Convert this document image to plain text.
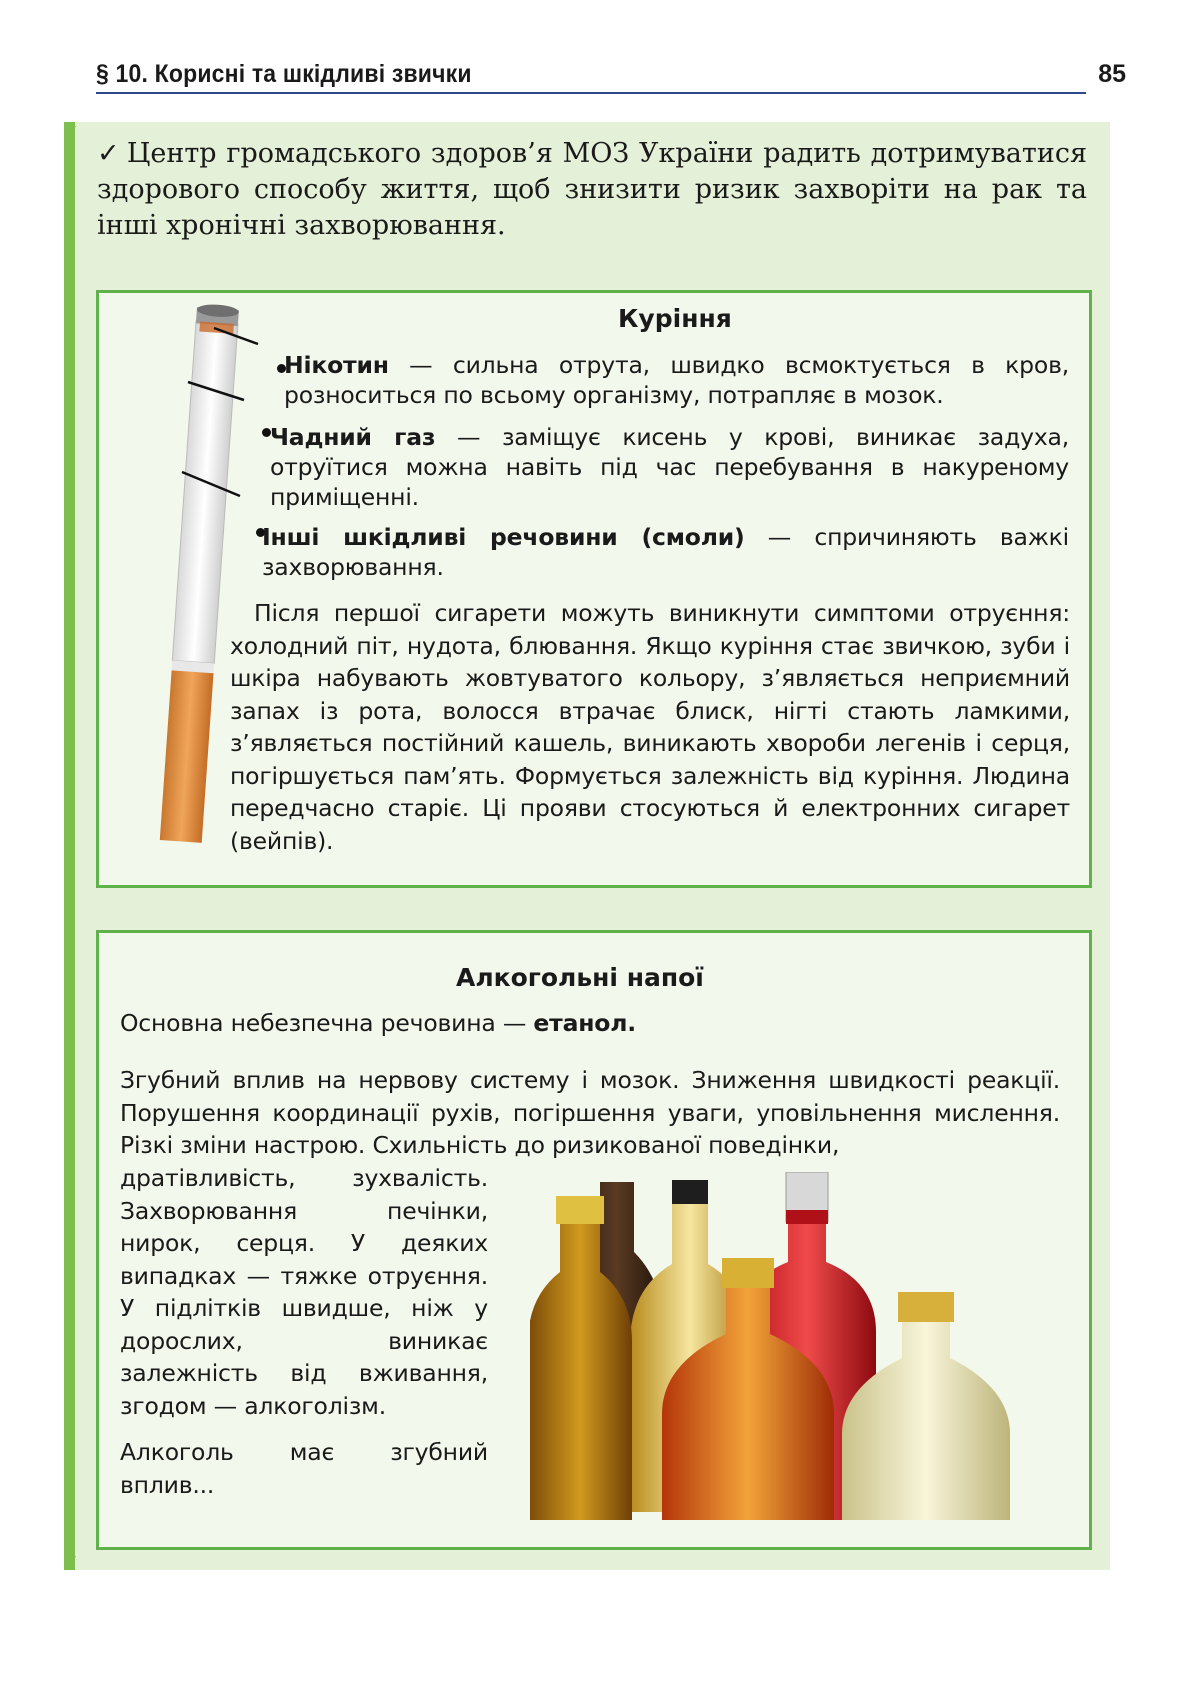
§ 10. Корисні та шкідливі звички	85
✓ Центр громадського здоров’я МОЗ України радить дотримуватися здорового способу життя, щоб знизити ризик захворіти на рак та інші хронічні захворювання.
Куріння
Нікотин — сильна отрута, швидко всмоктується в кров, розноситься по всьому організму, потрапляє в мозок.
Чадний газ — заміщує кисень у крові, виникає задуха, отруїтися можна навіть під час перебування в накуреному приміщенні.
Інші шкідливі речовини (смоли) — спричиняють важкі захворювання.
Після першої сигарети можуть виникнути симптоми отруєння: холодний піт, нудота, блювання. Якщо куріння стає звичкою, зуби і шкіра набувають жовтуватого кольору, з’являється неприємний запах із рота, волосся втрачає блиск, нігті стають ламкими, з’являється постійний кашель, виникають хвороби легенів і серця, погіршується пам’ять. Формується залежність від куріння. Людина передчасно старіє. Ці прояви стосуються й електронних сигарет (вейпів).
Алкогольні напої
Основна небезпечна речовина — етанол.
Згубний вплив на нервову систему і мозок. Зниження швидкості реакції. Порушення координації рухів, погіршення уваги, уповільнення мислення. Різкі зміни настрою. Схильність до ризикованої поведінки,
дратівливість, зухвалість. Захворювання печінки, нирок, серця. У деяких випадках — тяжке отруєння. У підлітків швидше, ніж у дорослих, виникає залежність від вживання, згодом — алкоголізм.
Алкоголь має згубний вплив...
